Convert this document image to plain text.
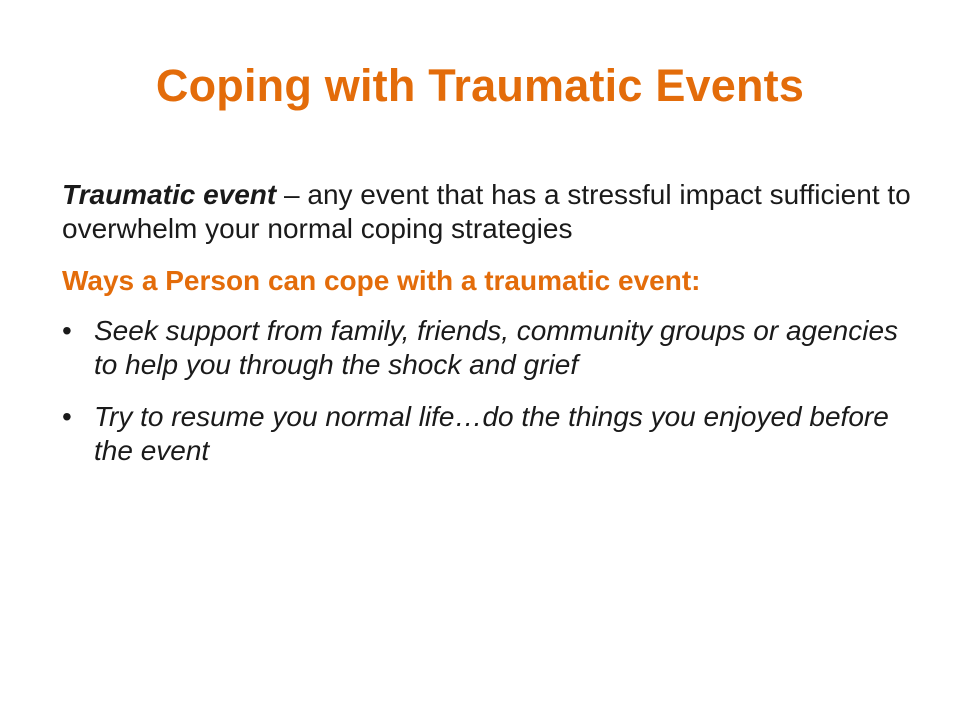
Coping with Traumatic Events

Traumatic event – any event that has a stressful impact sufficient to overwhelm your normal coping strategies

Ways a Person can cope with a traumatic event:

• Seek support from family, friends, community groups or agencies to help you through the shock and grief
• Try to resume you normal life…do the things you enjoyed before the event
